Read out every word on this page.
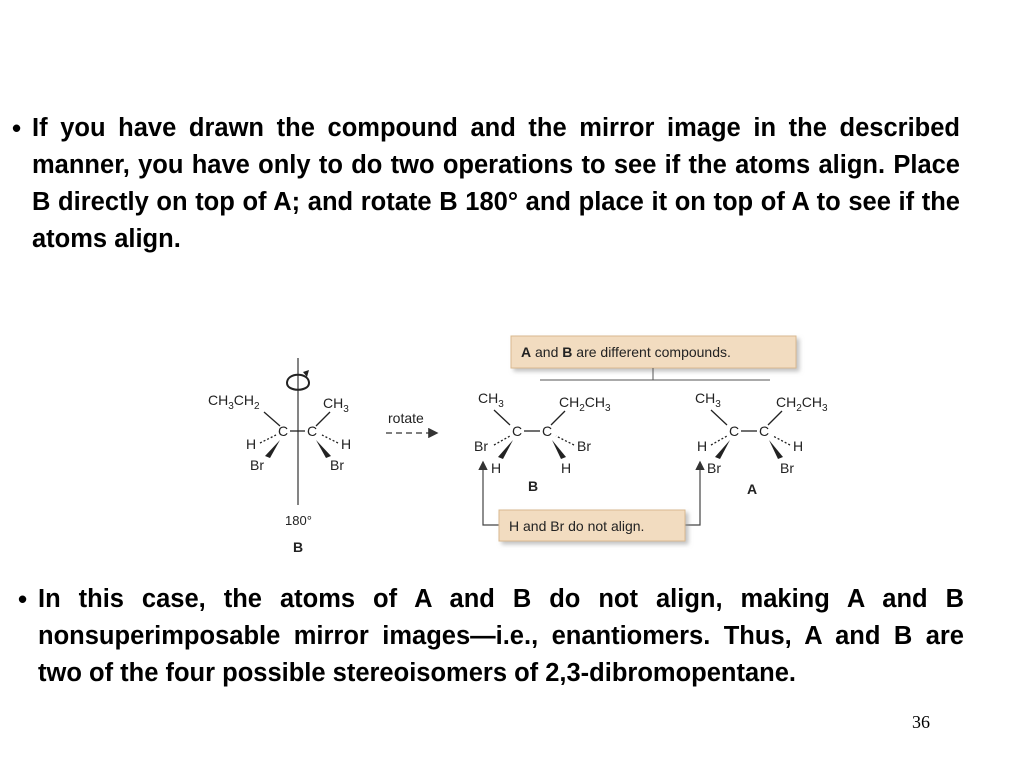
• If you have drawn the compound and the mirror image in the described manner, you have only to do two operations to see if the atoms align. Place B directly on top of A; and rotate B 180° and place it on top of A to see if the atoms align.
$CH_3CH_2$	$CH_3$
C C
H	H
Br	Br
180°
B
rotate
A and B are different compounds.
$CH_3$	$CH_2CH_3$
C C
Br	Br
H	H
B
$CH_3$	$CH_2CH_3$
C C
H	H
Br	Br
A
H and Br do not align.
• In this case, the atoms of A and B do not align, making A and B nonsuperimposable mirror images—i.e., enantiomers. Thus, A and B are two of the four possible stereoisomers of 2,3-dibromopentane.
36
